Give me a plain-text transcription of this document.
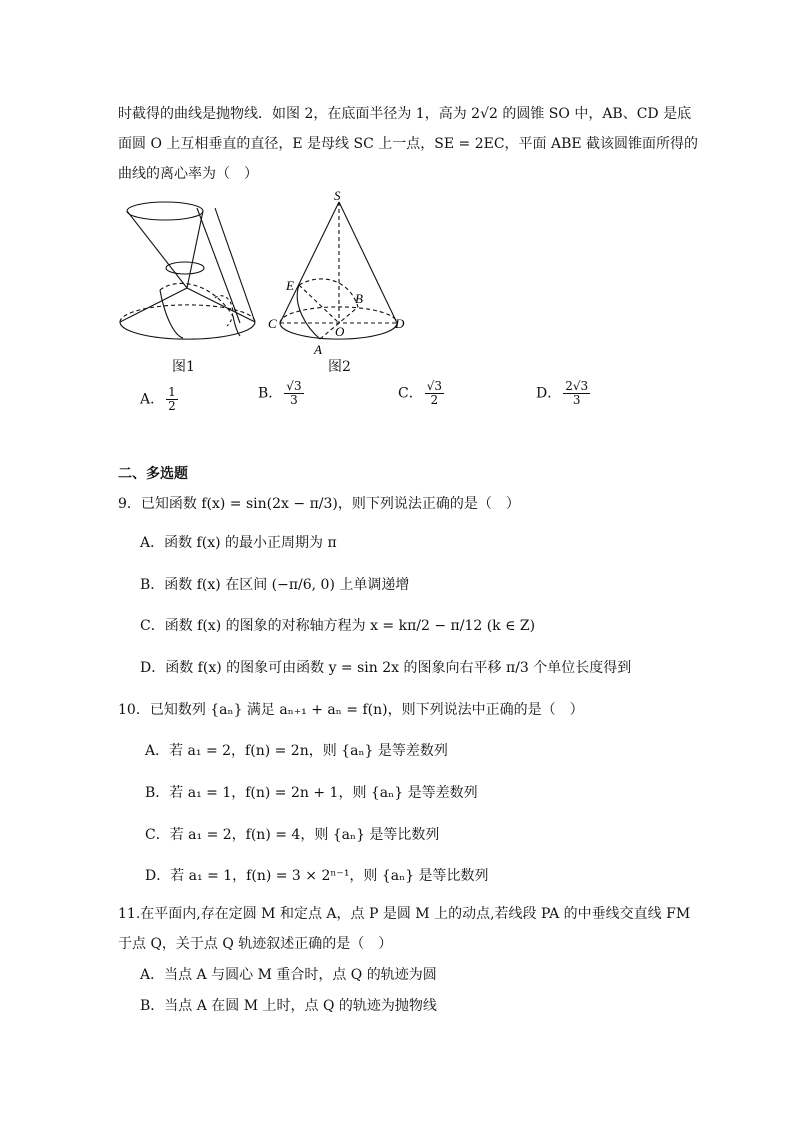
时截得的曲线是抛物线．如图 2，在底面半径为 1，高为 2√2 的圆锥 SO 中，AB、CD 是底
面圆 O 上互相垂直的直径，E 是母线 SC 上一点，SE = 2EC，平面 ABE 截该圆锥面所得的
曲线的离心率为（　）
图1
S
E
B
C
O
D
A
图2
A． $\frac{1}{2}$	B． $\frac{√3}{3}$	C． $\frac{√3}{2}$	D． $\frac{2√3}{3}$
二、多选题
9．已知函数 f(x) = sin(2x − π/3)，则下列说法正确的是（　）
A．函数 f(x) 的最小正周期为 π
B．函数 f(x) 在区间 (−π/6, 0) 上单调递增
C．函数 f(x) 的图象的对称轴方程为 x = kπ/2 − π/12 (k ∈ Z)
D．函数 f(x) 的图象可由函数 y = sin 2x 的图象向右平移 π/3 个单位长度得到
10．已知数列 {aₙ} 满足 aₙ₊₁ + aₙ = f(n)，则下列说法中正确的是（　）
A．若 a₁ = 2，f(n) = 2n，则 {aₙ} 是等差数列
B．若 a₁ = 1，f(n) = 2n + 1，则 {aₙ} 是等差数列
C．若 a₁ = 2，f(n) = 4，则 {aₙ} 是等比数列
D．若 a₁ = 1，f(n) = 3 × 2ⁿ⁻¹，则 {aₙ} 是等比数列
11.在平面内,存在定圆 M 和定点 A，点 P 是圆 M 上的动点,若线段 PA 的中垂线交直线 FM
于点 Q，关于点 Q 轨迹叙述正确的是（　）
A．当点 A 与圆心 M 重合时，点 Q 的轨迹为圆
B．当点 A 在圆 M 上时，点 Q 的轨迹为抛物线
